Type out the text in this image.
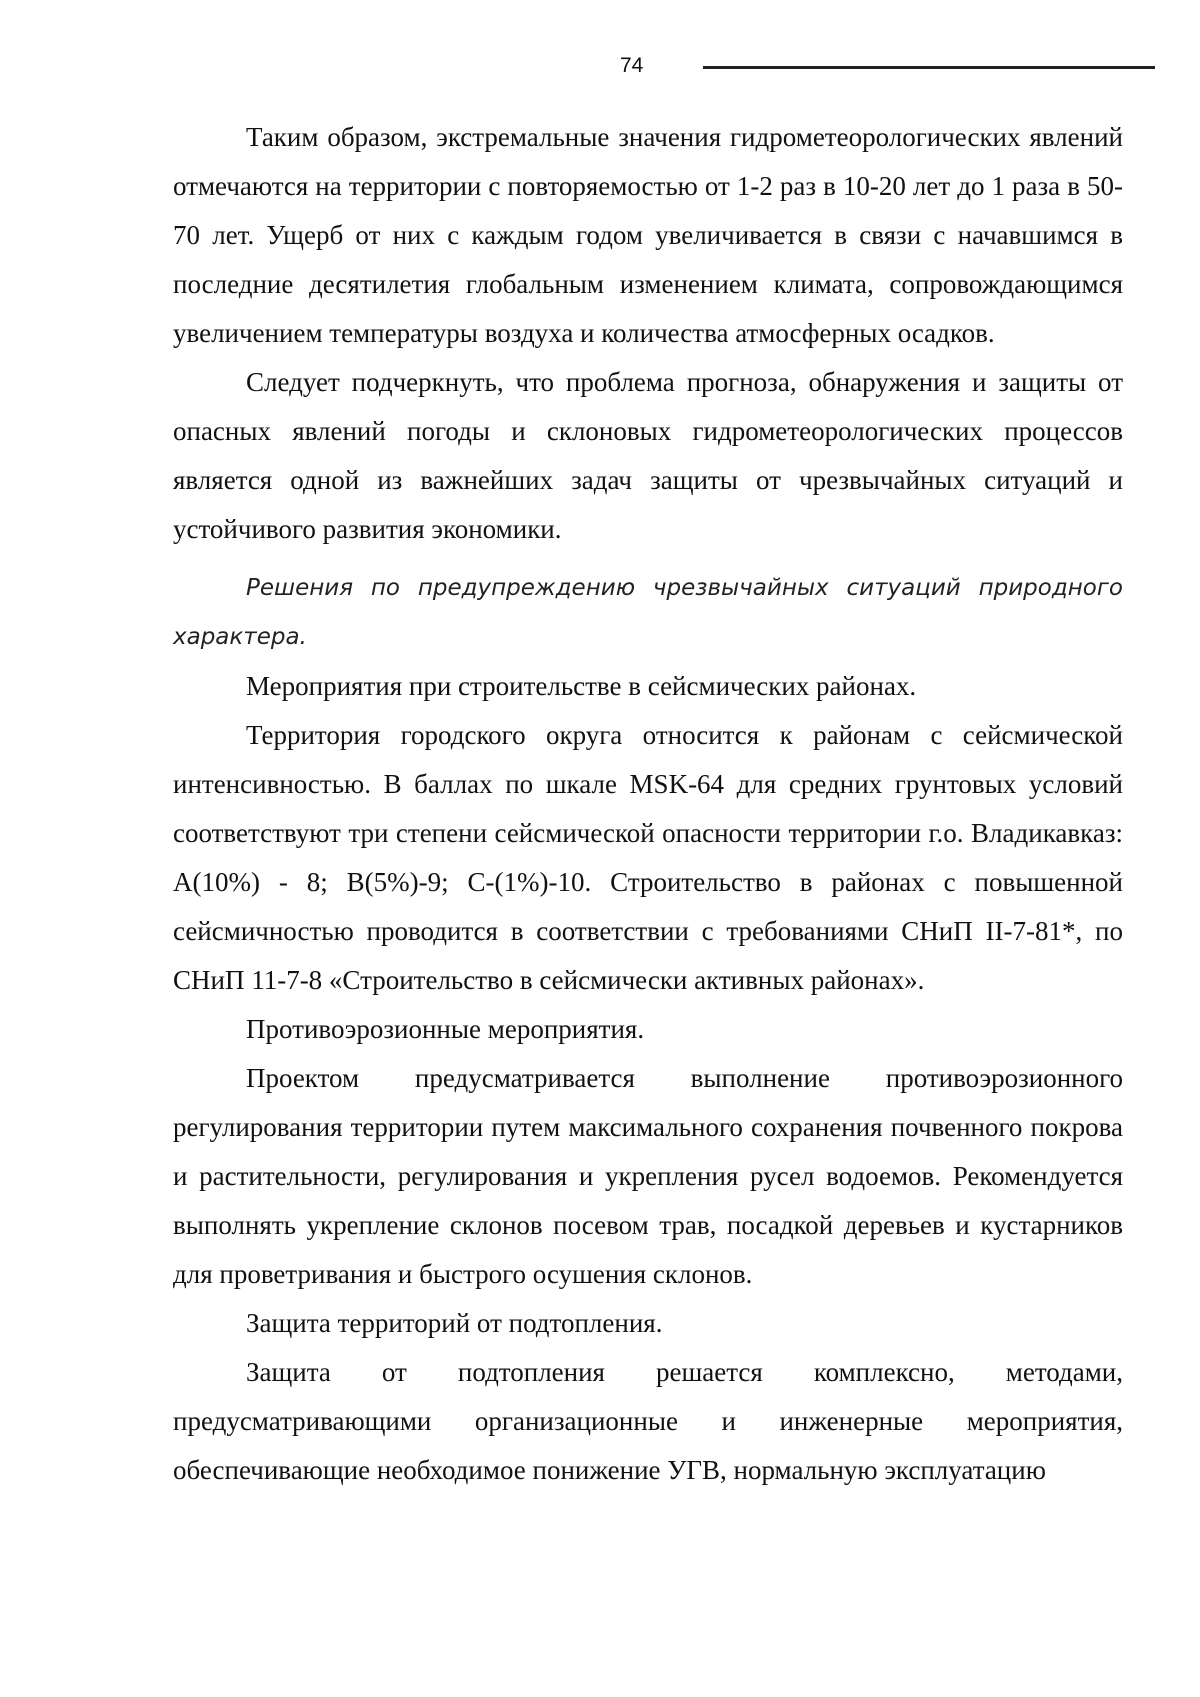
74

Таким образом, экстремальные значения гидрометеорологических явлений отмечаются на территории с повторяемостью от 1-2 раз в 10-20 лет до 1 раза в 50-70 лет. Ущерб от них с каждым годом увеличивается в связи с начавшимся в последние десятилетия глобальным изменением климата, сопровождающимся увеличением температуры воздуха и количества атмосферных осадков.

Следует подчеркнуть, что проблема прогноза, обнаружения и защиты от опасных явлений погоды и склоновых гидрометеорологических процессов является одной из важнейших задач защиты от чрезвычайных ситуаций и устойчивого развития экономики.

Решения по предупреждению чрезвычайных ситуаций природного характера.

Мероприятия при строительстве в сейсмических районах.

Территория городского округа относится к районам с сейсмической интенсивностью. В баллах по шкале MSK-64 для средних грунтовых условий соответствуют три степени сейсмической опасности территории г.о. Владикавказ: А(10%) - 8; В(5%)-9; С-(1%)-10. Строительство в районах с повышенной сейсмичностью проводится в соответствии с требованиями СНиП II-7-81*, по СНиП 11-7-8 «Строительство в сейсмически активных районах».

Противоэрозионные мероприятия.

Проектом предусматривается выполнение противоэрозионного регулирования территории путем максимального сохранения почвенного покрова и растительности, регулирования и укрепления русел водоемов. Рекомендуется выполнять укрепление склонов посевом трав, посадкой деревьев и кустарников для проветривания и быстрого осушения склонов.

Защита территорий от подтопления.

Защита от подтопления решается комплексно, методами, предусматривающими организационные и инженерные мероприятия, обеспечивающие необходимое понижение УГВ, нормальную эксплуатацию
